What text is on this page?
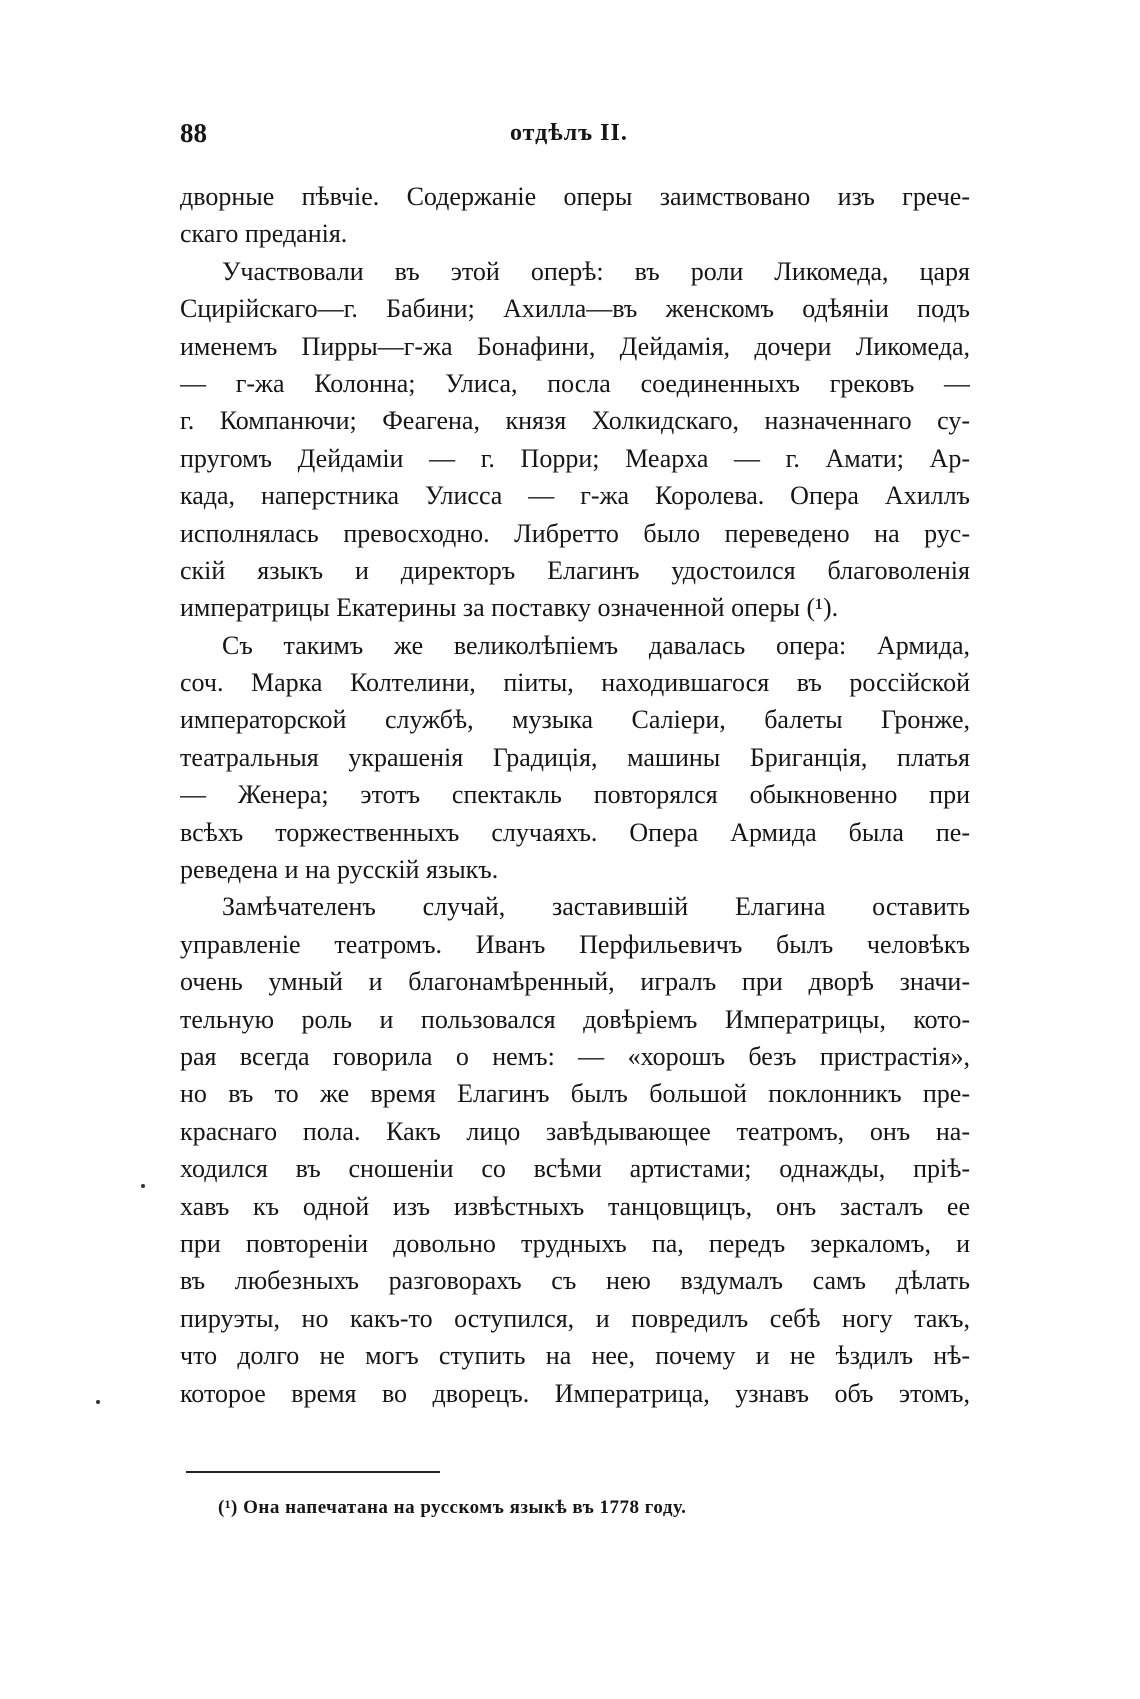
88	отдѣлъ II.
дворные пѣвчіе. Содержаніе оперы заимствовано изъ грече-
скаго преданія.
Участвовали въ этой оперѣ: въ роли Ликомеда, царя
Сциpiйскаго—г. Бабини; Ахилла—въ женскомъ одѣяніи подъ
именемъ Пирры—г-жа Бонафини, Дейдамія, дочери Ликомеда,
— г-жа Колонна; Улиса, посла соединенныхъ грековъ —
г. Компанючи; Феагена, князя Холкидскаго, назначеннаго су-
пругомъ Дейдаміи — г. Порри; Меарха — г. Амати; Ар-
када, наперстника Улисса — г-жа Королева. Опера Ахиллъ
исполнялась превосходно. Либретто было переведено на рус-
скій языкъ и директоръ Елагинъ удостоился благоволенія
императрицы Екатерины за поставку означенной оперы (¹).
Съ такимъ же великолѣпіемъ давалась опера: Армида,
соч. Марка Колтелини, піиты, находившагося въ россійской
императорской службѣ, музыка Саліери, балеты Гронже,
театральныя украшенія Градиція, машины Бриганція, платья
— Женера; этотъ спектакль повторялся обыкновенно при
всѣхъ торжественныхъ случаяхъ. Опера Армида была пе-
реведена и на русскій языкъ.
Замѣчателенъ случай, заставившій Елагина оставить
управленіе театромъ. Иванъ Перфильевичъ былъ человѣкъ
очень умный и благонамѣренный, игралъ при дворѣ значи-
тельную роль и пользовался довѣріемъ Императрицы, кото-
рая всегда говорила о немъ: — «хорошъ безъ пристрастія»,
но въ то же время Елагинъ былъ большой поклонникъ пре-
краснаго пола. Какъ лицо завѣдывающее театромъ, онъ на-
ходился въ сношеніи со всѣми артистами; однажды, пріѣ-
хавъ къ одной изъ извѣстныхъ танцовщицъ, онъ засталъ ее
при повтореніи довольно трудныхъ па, передъ зеркаломъ, и
въ любезныхъ разговорахъ съ нею вздумалъ самъ дѣлать
пируэты, но какъ-то оступился, и повредилъ себѣ ногу такъ,
что долго не могъ ступить на нее, почему и не ѣздилъ нѣ-
которое время во дворецъ. Императрица, узнавъ объ этомъ,
(¹) Она напечатана на русскомъ языкѣ въ 1778 году.
